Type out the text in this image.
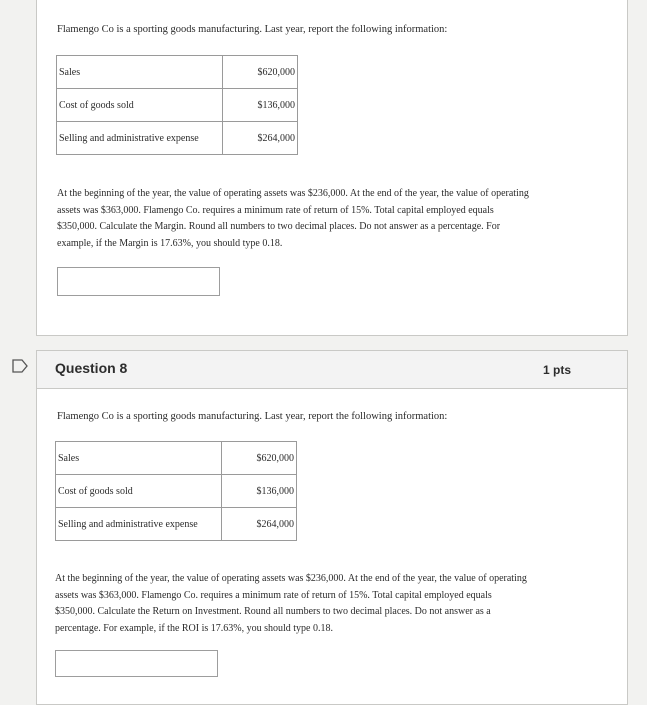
Flamengo Co is a sporting goods manufacturing. Last year, report the following information:
Sales	$620,000
Cost of goods sold	$136,000
Selling and administrative expense	$264,000
At the beginning of the year, the value of operating assets was $236,000. At the end of the year, the value of operating
assets was $363,000. Flamengo Co. requires a minimum rate of return of 15%. Total capital employed equals
$350,000. Calculate the Margin. Round all numbers to two decimal places. Do not answer as a percentage. For
example, if the Margin is 17.63%, you should type 0.18.
Question 8	1 pts
Flamengo Co is a sporting goods manufacturing. Last year, report the following information:
Sales	$620,000
Cost of goods sold	$136,000
Selling and administrative expense	$264,000
At the beginning of the year, the value of operating assets was $236,000. At the end of the year, the value of operating
assets was $363,000. Flamengo Co. requires a minimum rate of return of 15%. Total capital employed equals
$350,000. Calculate the Return on Investment. Round all numbers to two decimal places. Do not answer as a
percentage. For example, if the ROI is 17.63%, you should type 0.18.
